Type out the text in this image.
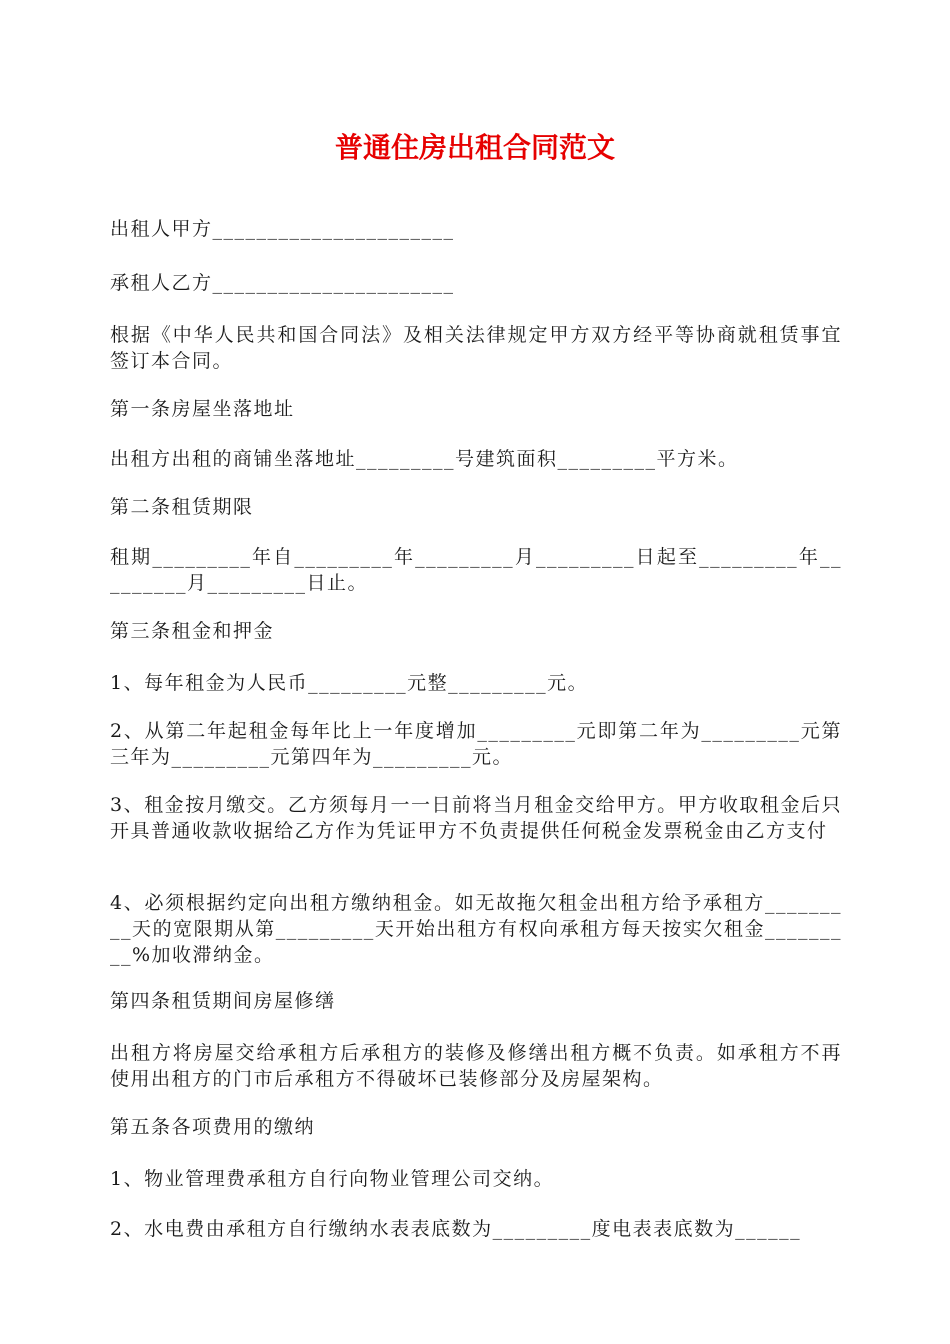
普通住房出租合同范文

出租人甲方______________________

承租人乙方______________________

根据《中华人民共和国合同法》及相关法律规定甲方双方经平等协商就租赁事宜签订本合同。

第一条房屋坐落地址

出租方出租的商铺坐落地址_________号建筑面积_________平方米。

第二条租赁期限

租期_________年自_________年_________月_________日起至_________年_________月_________日止。

第三条租金和押金

1、每年租金为人民币_________元整_________元。

2、从第二年起租金每年比上一年度增加_________元即第二年为_________元第三年为_________元第四年为_________元。

3、租金按月缴交。乙方须每月一一日前将当月租金交给甲方。甲方收取租金后只开具普通收款收据给乙方作为凭证甲方不负责提供任何税金发票税金由乙方支付

4、必须根据约定向出租方缴纳租金。如无故拖欠租金出租方给予承租方_________天的宽限期从第_________天开始出租方有权向承租方每天按实欠租金_________%加收滞纳金。

第四条租赁期间房屋修缮

出租方将房屋交给承租方后承租方的装修及修缮出租方概不负责。如承租方不再使用出租方的门市后承租方不得破坏已装修部分及房屋架构。

第五条各项费用的缴纳

1、物业管理费承租方自行向物业管理公司交纳。

2、水电费由承租方自行缴纳水表表底数为_________度电表表底数为______
